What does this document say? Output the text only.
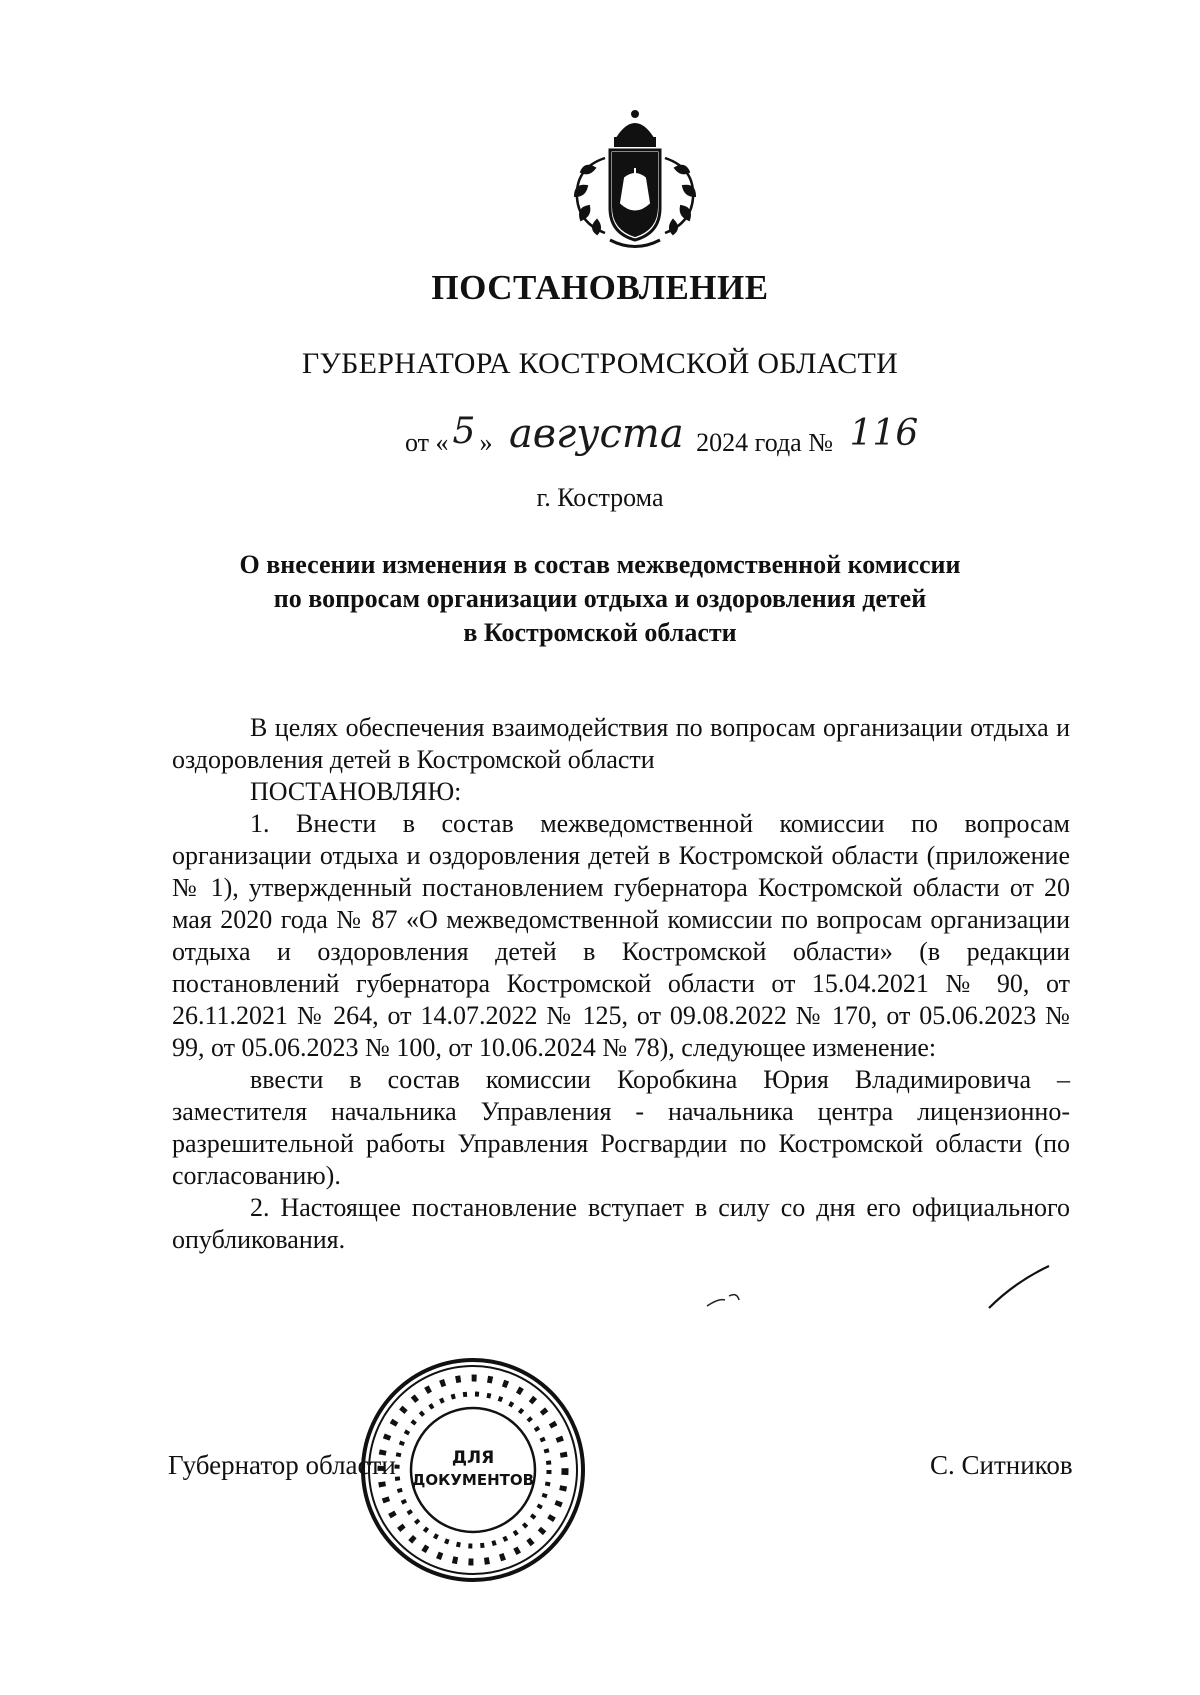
ПОСТАНОВЛЕНИЕ
ГУБЕРНАТОРА КОСТРОМСКОЙ ОБЛАСТИ
от « 5 » августа 2024 года № 116
г. Кострома
О внесении изменения в состав межведомственной комиссии
по вопросам организации отдыха и оздоровления детей
в Костромской области

В целях обеспечения взаимодействия по вопросам организации отдыха и оздоровления детей в Костромской области

ПОСТАНОВЛЯЮ:

1. Внести в состав межведомственной комиссии по вопросам организации отдыха и оздоровления детей в Костромской области (приложение № 1), утвержденный постановлением губернатора Костромской области от 20 мая 2020 года № 87 «О межведомственной комиссии по вопросам организации отдыха и оздоровления детей в Костромской области» (в редакции постановлений губернатора Костромской области от 15.04.2021 № 90, от 26.11.2021 № 264, от 14.07.2022 № 125, от 09.08.2022 № 170, от 05.06.2023 № 99, от 05.06.2023 № 100, от 10.06.2024 № 78), следующее изменение:

ввести в состав комиссии Коробкина Юрия Владимировича – заместителя начальника Управления - начальника центра лицензионно-разрешительной работы Управления Росгвардии по Костромской области (по согласованию).

2. Настоящее постановление вступает в силу со дня его официального опубликования.

Губернатор области	С. Ситников
ДЛЯ
ДОКУМЕНТОВ
